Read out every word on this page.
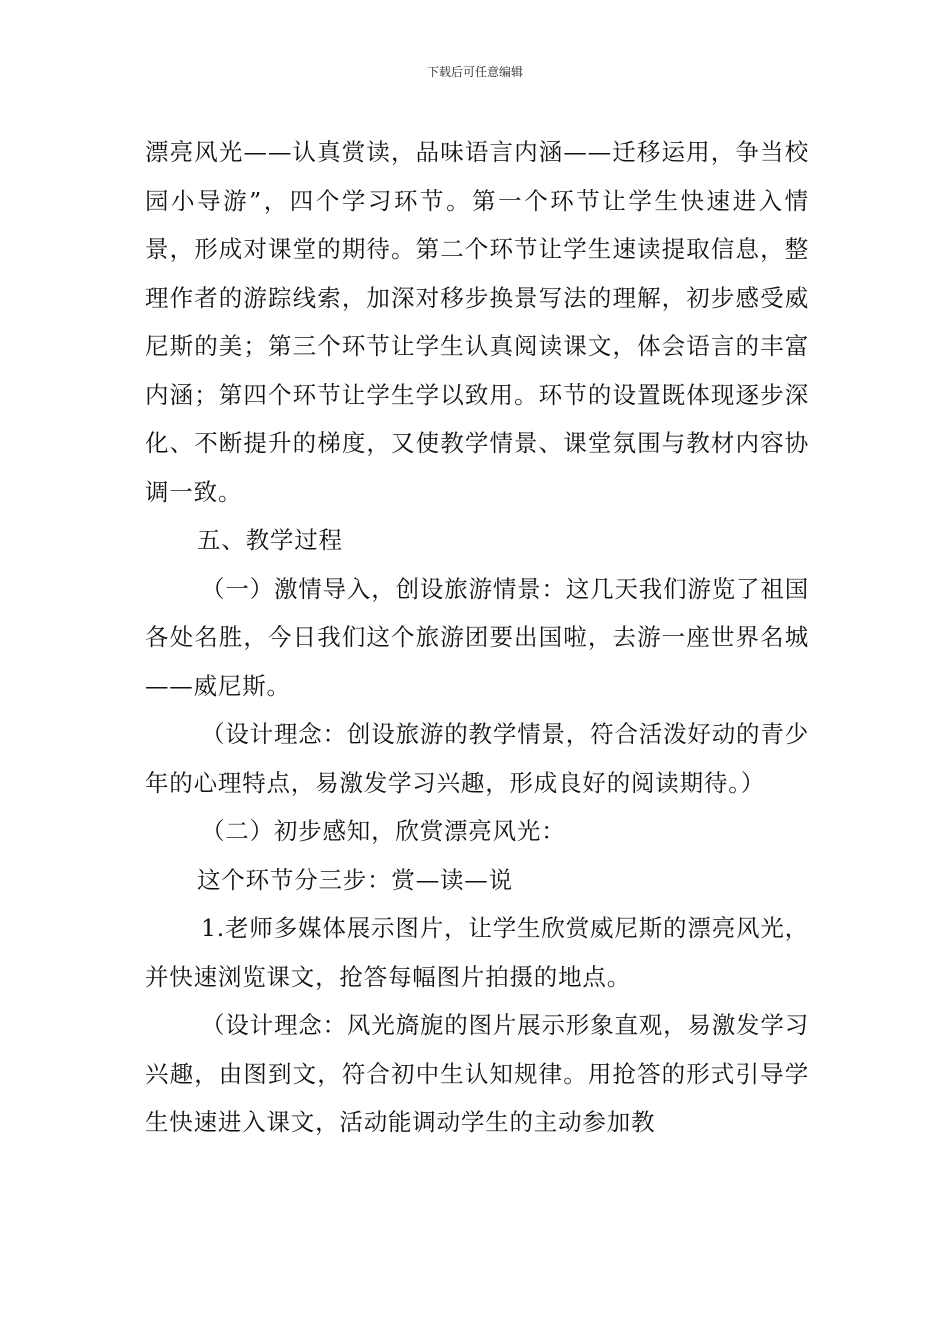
下载后可任意编辑

漂亮风光——认真赏读，品味语言内涵——迁移运用，争当校园小导游”，四个学习环节。第一个环节让学生快速进入情景，形成对课堂的期待。第二个环节让学生速读提取信息，整理作者的游踪线索，加深对移步换景写法的理解，初步感受威尼斯的美；第三个环节让学生认真阅读课文，体会语言的丰富内涵；第四个环节让学生学以致用。环节的设置既体现逐步深化、不断提升的梯度，又使教学情景、课堂氛围与教材内容协调一致。

五、教学过程

（一）激情导入，创设旅游情景：这几天我们游览了祖国各处名胜，今日我们这个旅游团要出国啦，去游一座世界名城——威尼斯。

（设计理念：创设旅游的教学情景，符合活泼好动的青少年的心理特点，易激发学习兴趣，形成良好的阅读期待。）

（二）初步感知，欣赏漂亮风光：

这个环节分三步：赏—读—说

1.老师多媒体展示图片，让学生欣赏威尼斯的漂亮风光，并快速浏览课文，抢答每幅图片拍摄的地点。

（设计理念：风光旖旎的图片展示形象直观，易激发学习兴趣，由图到文，符合初中生认知规律。用抢答的形式引导学生快速进入课文，活动能调动学生的主动参加教
